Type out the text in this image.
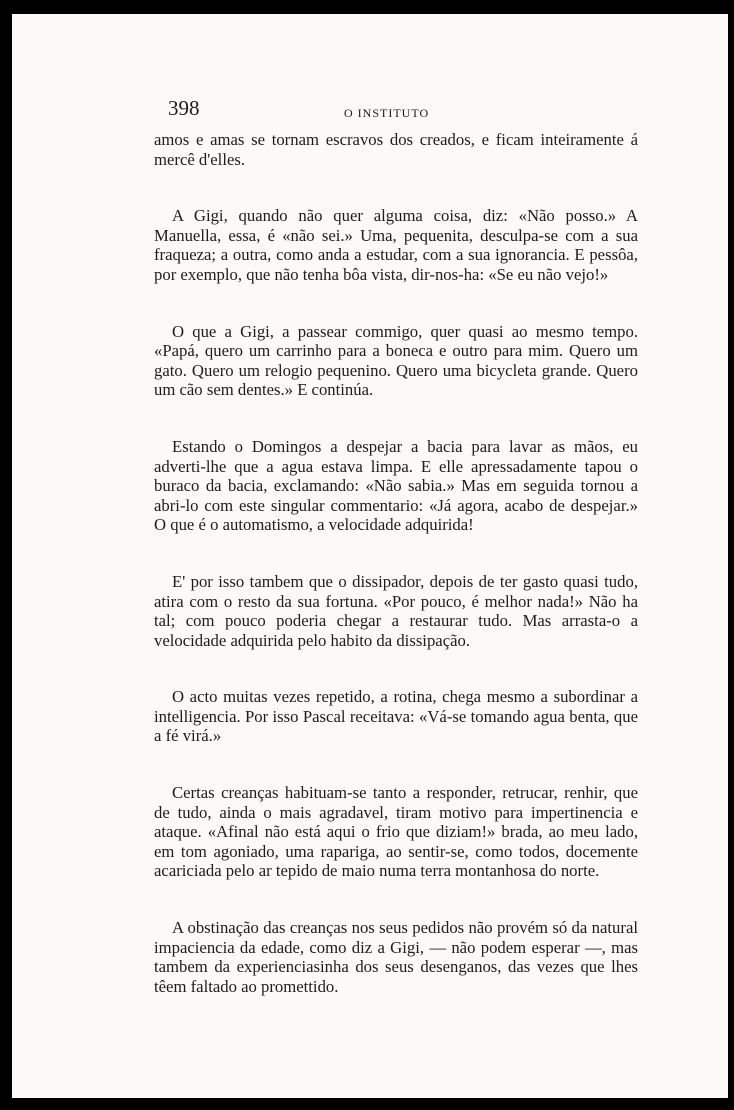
398	O INSTITUTO

amos e amas se tornam escravos dos creados, e ficam inteiramente á mercê d'elles.

A Gigi, quando não quer alguma coisa, diz: «Não posso.» A Manuella, essa, é «não sei.» Uma, pequenita, desculpa-se com a sua fraqueza; a outra, como anda a estudar, com a sua ignorancia. E pessôa, por exemplo, que não tenha bôa vista, dir-nos-ha: «Se eu não vejo!»

O que a Gigi, a passear commigo, quer quasi ao mesmo tempo. «Papá, quero um carrinho para a boneca e outro para mim. Quero um gato. Quero um relogio pequenino. Quero uma bicycleta grande. Quero um cão sem dentes.» E continúa.

Estando o Domingos a despejar a bacia para lavar as mãos, eu adverti-lhe que a agua estava limpa. E elle apressadamente tapou o buraco da bacia, exclamando: «Não sabia.» Mas em seguida tornou a abri-lo com este singular commentario: «Já agora, acabo de despejar.» O que é o automatismo, a velocidade adquirida!

E' por isso tambem que o dissipador, depois de ter gasto quasi tudo, atira com o resto da sua fortuna. «Por pouco, é melhor nada!» Não ha tal; com pouco poderia chegar a restaurar tudo. Mas arrasta-o a velocidade adquirida pelo habito da dissipação.

O acto muitas vezes repetido, a rotina, chega mesmo a subordinar a intelligencia. Por isso Pascal receitava: «Vá-se tomando agua benta, que a fé virá.»

Certas creanças habituam-se tanto a responder, retrucar, renhir, que de tudo, ainda o mais agradavel, tiram motivo para impertinencia e ataque. «Afinal não está aqui o frio que diziam!» brada, ao meu lado, em tom agoniado, uma rapariga, ao sentir-se, como todos, docemente acariciada pelo ar tepido de maio numa terra montanhosa do norte.

A obstinação das creanças nos seus pedidos não provém só da natural impaciencia da edade, como diz a Gigi, — não podem esperar —, mas tambem da experienciasinha dos seus desenganos, das vezes que lhes têem faltado ao promettido.
